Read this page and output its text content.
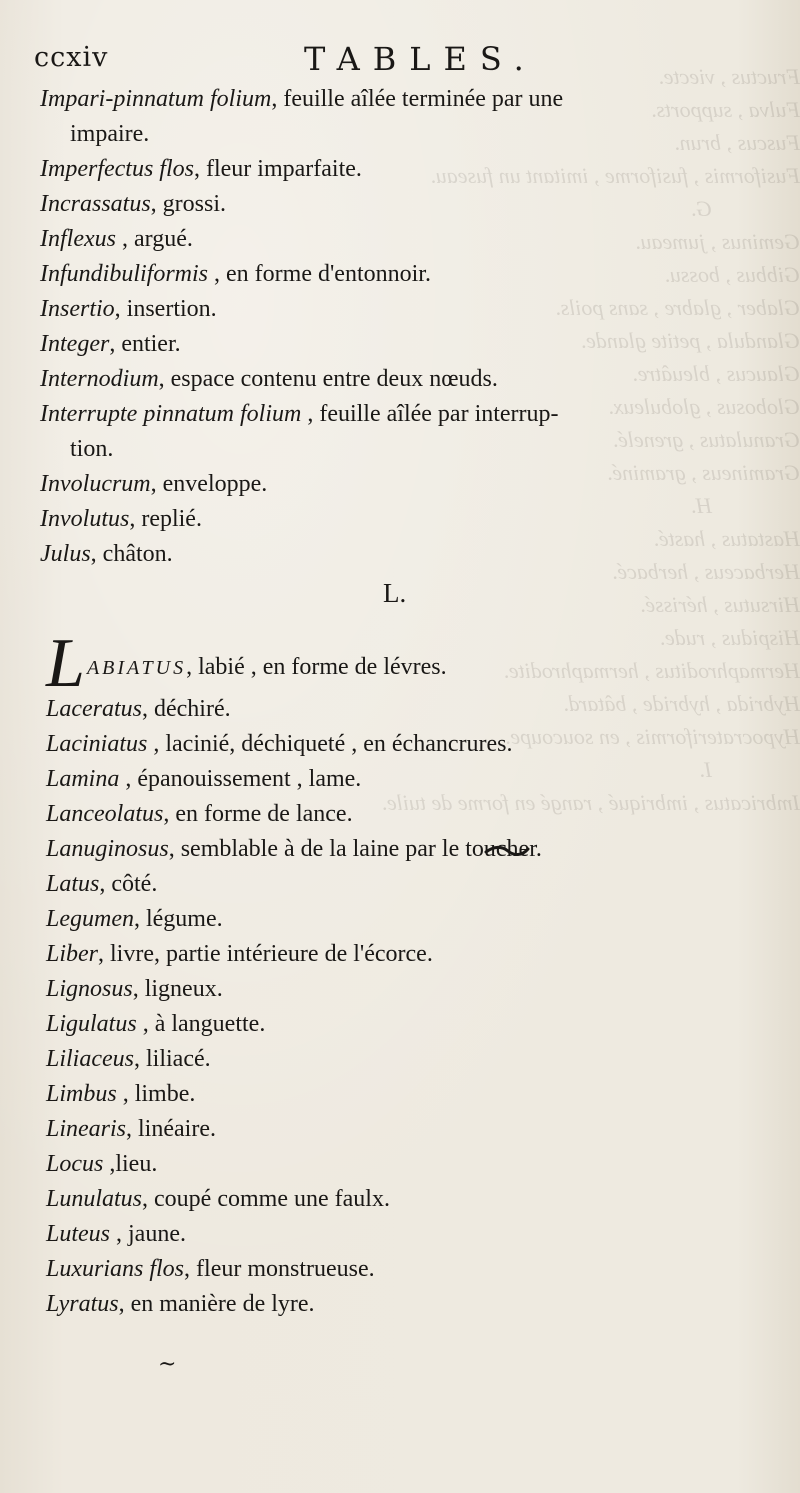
Fructus , viecte.
Fulva , supports.
Fuscus , brun.
Fusiformis , fusiforme , imitant un fuseau.
G.
Geminus , jumeau.
Gibbus , bossu.
Glaber , glabre , sans poils.
Glandula , petite glande.
Glaucus , bleuâtre.
Globosus , globuleux.
Granulatus , grenelé.
Gramineus , graminé.
H.
Hastatus , hasté.
Herbaceus , herbacé.
Hirsutus , hérissé.
Hispidus , rude.
Hermaphroditus , hermaphrodite.
Hybrida , hybride , bâtard.
Hypocrateriformis , en soucoupe.
I.
Imbricatus , imbriqué , rangé en forme de tuile.
ccxiv	TABLES.
Impari-pinnatum folium, feuille aîlée terminée par une
impaire.
Imperfectus flos, fleur imparfaite.
Incrassatus, grossi.
Inflexus , argué.
Infundibuliformis , en forme d'entonnoir.
Insertio, insertion.
Integer, entier.
Internodium, espace contenu entre deux nœuds.
Interrupte pinnatum folium , feuille aîlée par interrup-
tion.
Involucrum, enveloppe.
Involutus, replié.
Julus, châton.
L.
LABIATUS, labié , en forme de lévres.
Laceratus, déchiré.
Laciniatus , lacinié, déchiqueté , en échancrures.
Lamina , épanouissement , lame.
Lanceolatus, en forme de lance.
Lanuginosus, semblable à de la laine par le toucher.
Latus, côté.
Legumen, légume.
Liber, livre, partie intérieure de l'écorce.
Lignosus, ligneux.
Ligulatus , à languette.
Liliaceus, liliacé.
Limbus , limbe.
Linearis, linéaire.
Locus ,lieu.
Lunulatus, coupé comme une faulx.
Luteus , jaune.
Luxurians flos, fleur monstrueuse.
Lyratus, en manière de lyre.
~
